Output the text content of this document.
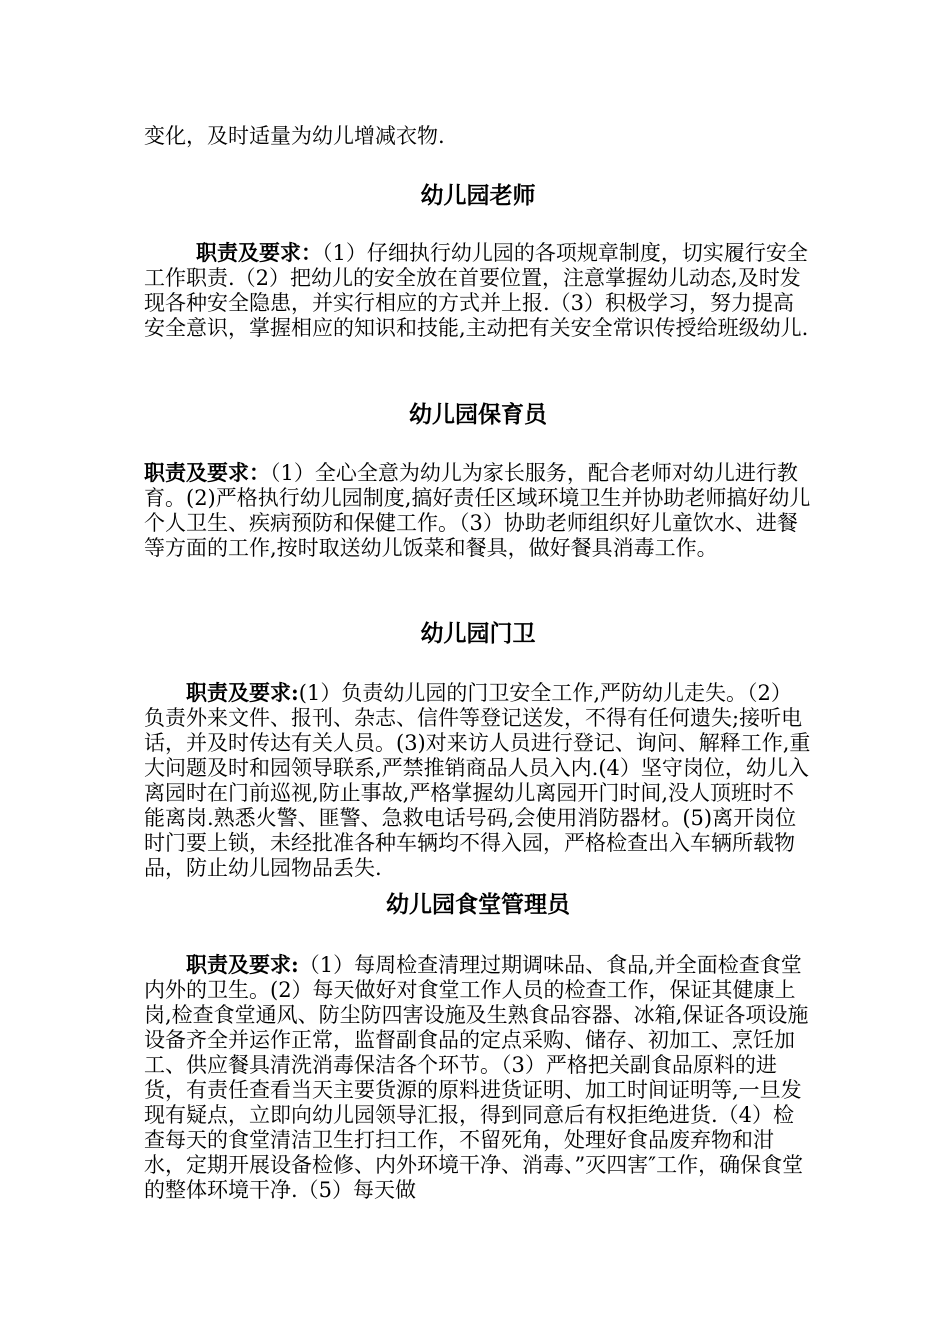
变化，及时适量为幼儿增减衣物.

幼儿园老师

职责及要求：（1）仔细执行幼儿园的各项规章制度，切实履行安全工作职责.（2）把幼儿的安全放在首要位置，注意掌握幼儿动态,及时发现各种安全隐患，并实行相应的方式并上报.（3）积极学习，努力提高安全意识，掌握相应的知识和技能,主动把有关安全常识传授给班级幼儿.

幼儿园保育员

职责及要求：（1）全心全意为幼儿为家长服务，配合老师对幼儿进行教育。(2)严格执行幼儿园制度,搞好责任区域环境卫生并协助老师搞好幼儿个人卫生、疾病预防和保健工作。（3）协助老师组织好儿童饮水、进餐等方面的工作,按时取送幼儿饭菜和餐具，做好餐具消毒工作。

幼儿园门卫

职责及要求:(1）负责幼儿园的门卫安全工作,严防幼儿走失。（2）负责外来文件、报刊、杂志、信件等登记送发，不得有任何遗失;接听电话，并及时传达有关人员。(3)对来访人员进行登记、询问、解释工作,重大问题及时和园领导联系,严禁推销商品人员入内.(4）坚守岗位，幼儿入离园时在门前巡视,防止事故,严格掌握幼儿离园开门时间,没人顶班时不能离岗.熟悉火警、匪警、急救电话号码,会使用消防器材。(5)离开岗位时门要上锁，未经批准各种车辆均不得入园，严格检查出入车辆所载物品，防止幼儿园物品丢失.

幼儿园食堂管理员

职责及要求:（1）每周检查清理过期调味品、食品,并全面检查食堂内外的卫生。(2）每天做好对食堂工作人员的检查工作，保证其健康上岗,检查食堂通风、防尘防四害设施及生熟食品容器、冰箱,保证各项设施设备齐全并运作正常，监督副食品的定点采购、储存、初加工、烹饪加工、供应餐具清洗消毒保洁各个环节。（3）严格把关副食品原料的进货，有责任查看当天主要货源的原料进货证明、加工时间证明等,一旦发现有疑点，立即向幼儿园领导汇报，得到同意后有权拒绝进货.（4）检查每天的食堂清洁卫生打扫工作，不留死角，处理好食品废弃物和泔水，定期开展设备检修、内外环境干净、消毒、”灭四害″工作，确保食堂的整体环境干净.（5）每天做
